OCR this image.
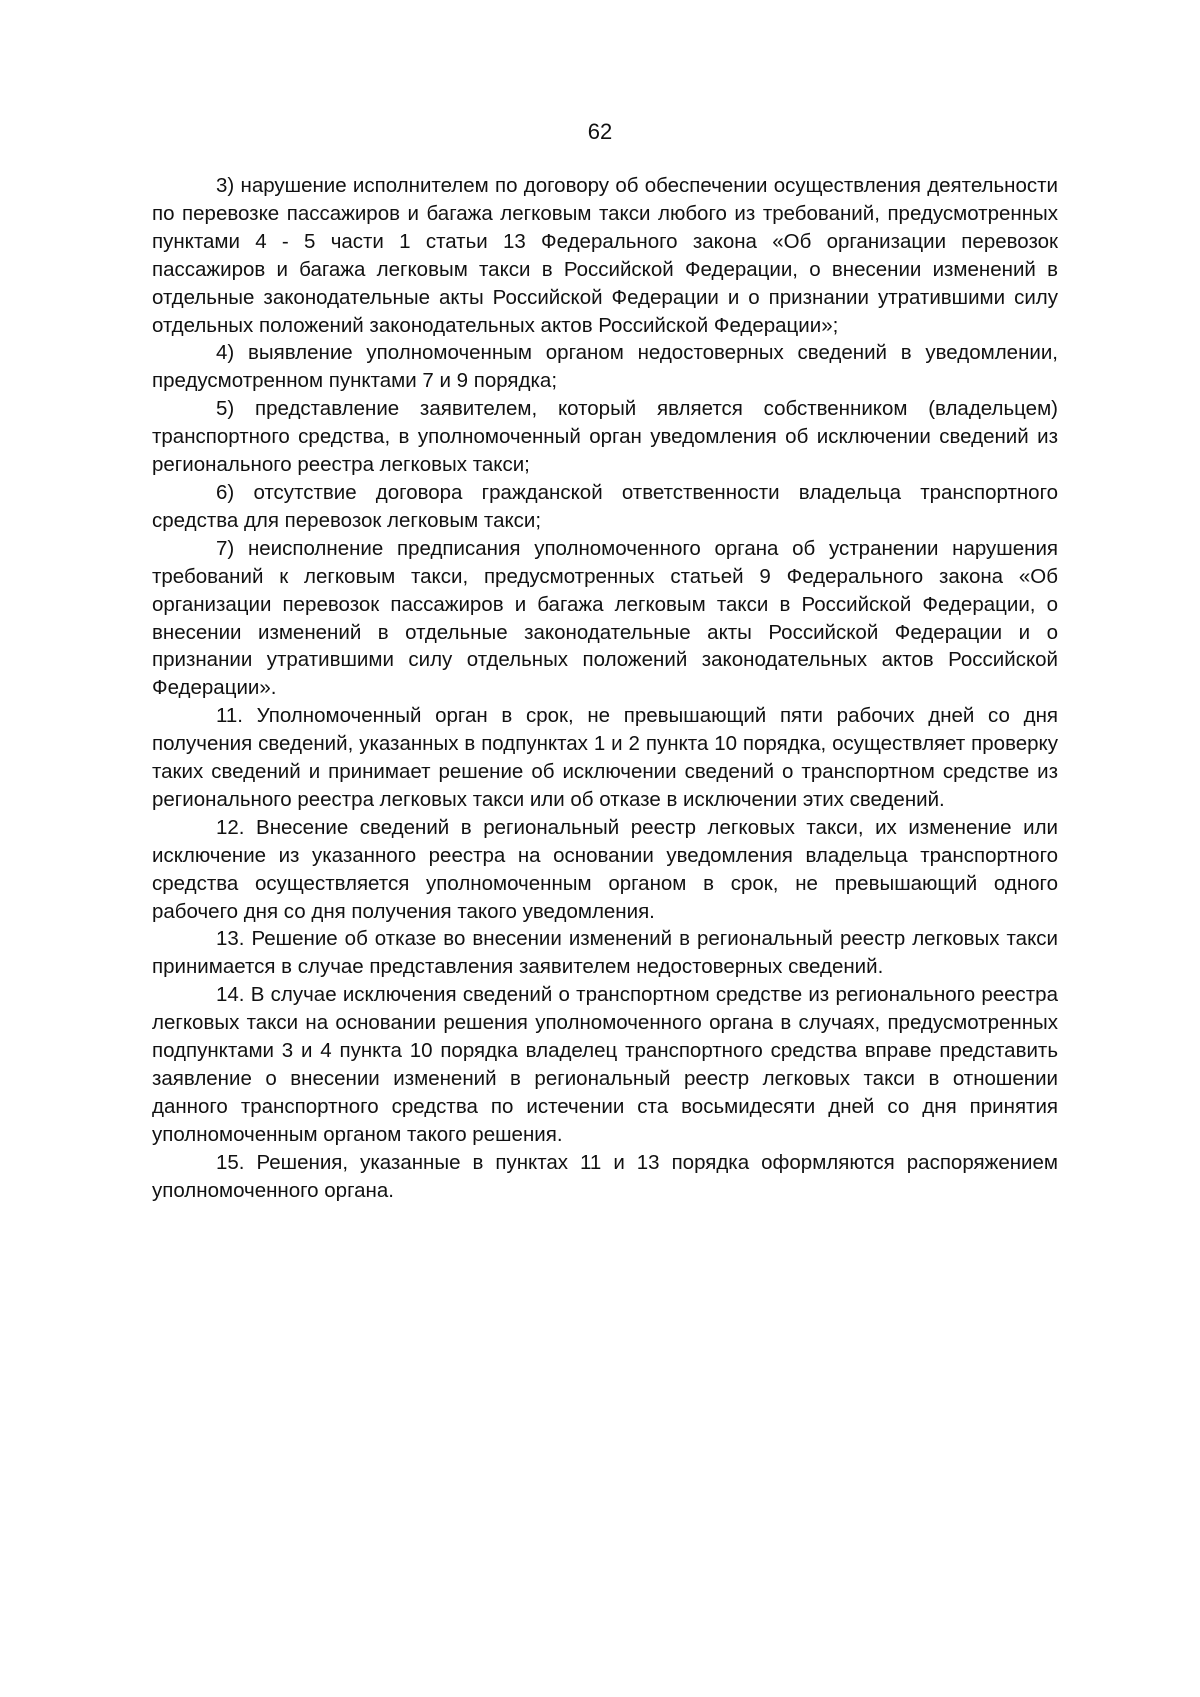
62

3) нарушение исполнителем по договору об обеспечении осуществления деятельности по перевозке пассажиров и багажа легковым такси любого из требований, предусмотренных пунктами 4 - 5 части 1 статьи 13 Федерального закона «Об организации перевозок пассажиров и багажа легковым такси в Российской Федерации, о внесении изменений в отдельные законодательные акты Российской Федерации и о признании утратившими силу отдельных положений законодательных актов Российской Федерации»;

4) выявление уполномоченным органом недостоверных сведений в уведомлении, предусмотренном пунктами 7 и 9 порядка;

5) представление заявителем, который является собственником (владельцем) транспортного средства, в уполномоченный орган уведомления об исключении сведений из регионального реестра легковых такси;

6) отсутствие договора гражданской ответственности владельца транспортного средства для перевозок легковым такси;

7) неисполнение предписания уполномоченного органа об устранении нарушения требований к легковым такси, предусмотренных статьей 9 Федерального закона «Об организации перевозок пассажиров и багажа легковым такси в Российской Федерации, о внесении изменений в отдельные законодательные акты Российской Федерации и о признании утратившими силу отдельных положений законодательных актов Российской Федерации».

11. Уполномоченный орган в срок, не превышающий пяти рабочих дней со дня получения сведений, указанных в подпунктах 1 и 2 пункта 10 порядка, осуществляет проверку таких сведений и принимает решение об исключении сведений о транспортном средстве из регионального реестра легковых такси или об отказе в исключении этих сведений.

12. Внесение сведений в региональный реестр легковых такси, их изменение или исключение из указанного реестра на основании уведомления владельца транспортного средства осуществляется уполномоченным органом в срок, не превышающий одного рабочего дня со дня получения такого уведомления.

13. Решение об отказе во внесении изменений в региональный реестр легковых такси принимается в случае представления заявителем недостоверных сведений.

14. В случае исключения сведений о транспортном средстве из регионального реестра легковых такси на основании решения уполномоченного органа в случаях, предусмотренных подпунктами 3 и 4 пункта 10 порядка владелец транспортного средства вправе представить заявление о внесении изменений в региональный реестр легковых такси в отношении данного транспортного средства по истечении ста восьмидесяти дней со дня принятия уполномоченным органом такого решения.

15. Решения, указанные в пунктах 11 и 13 порядка оформляются распоряжением уполномоченного органа.
